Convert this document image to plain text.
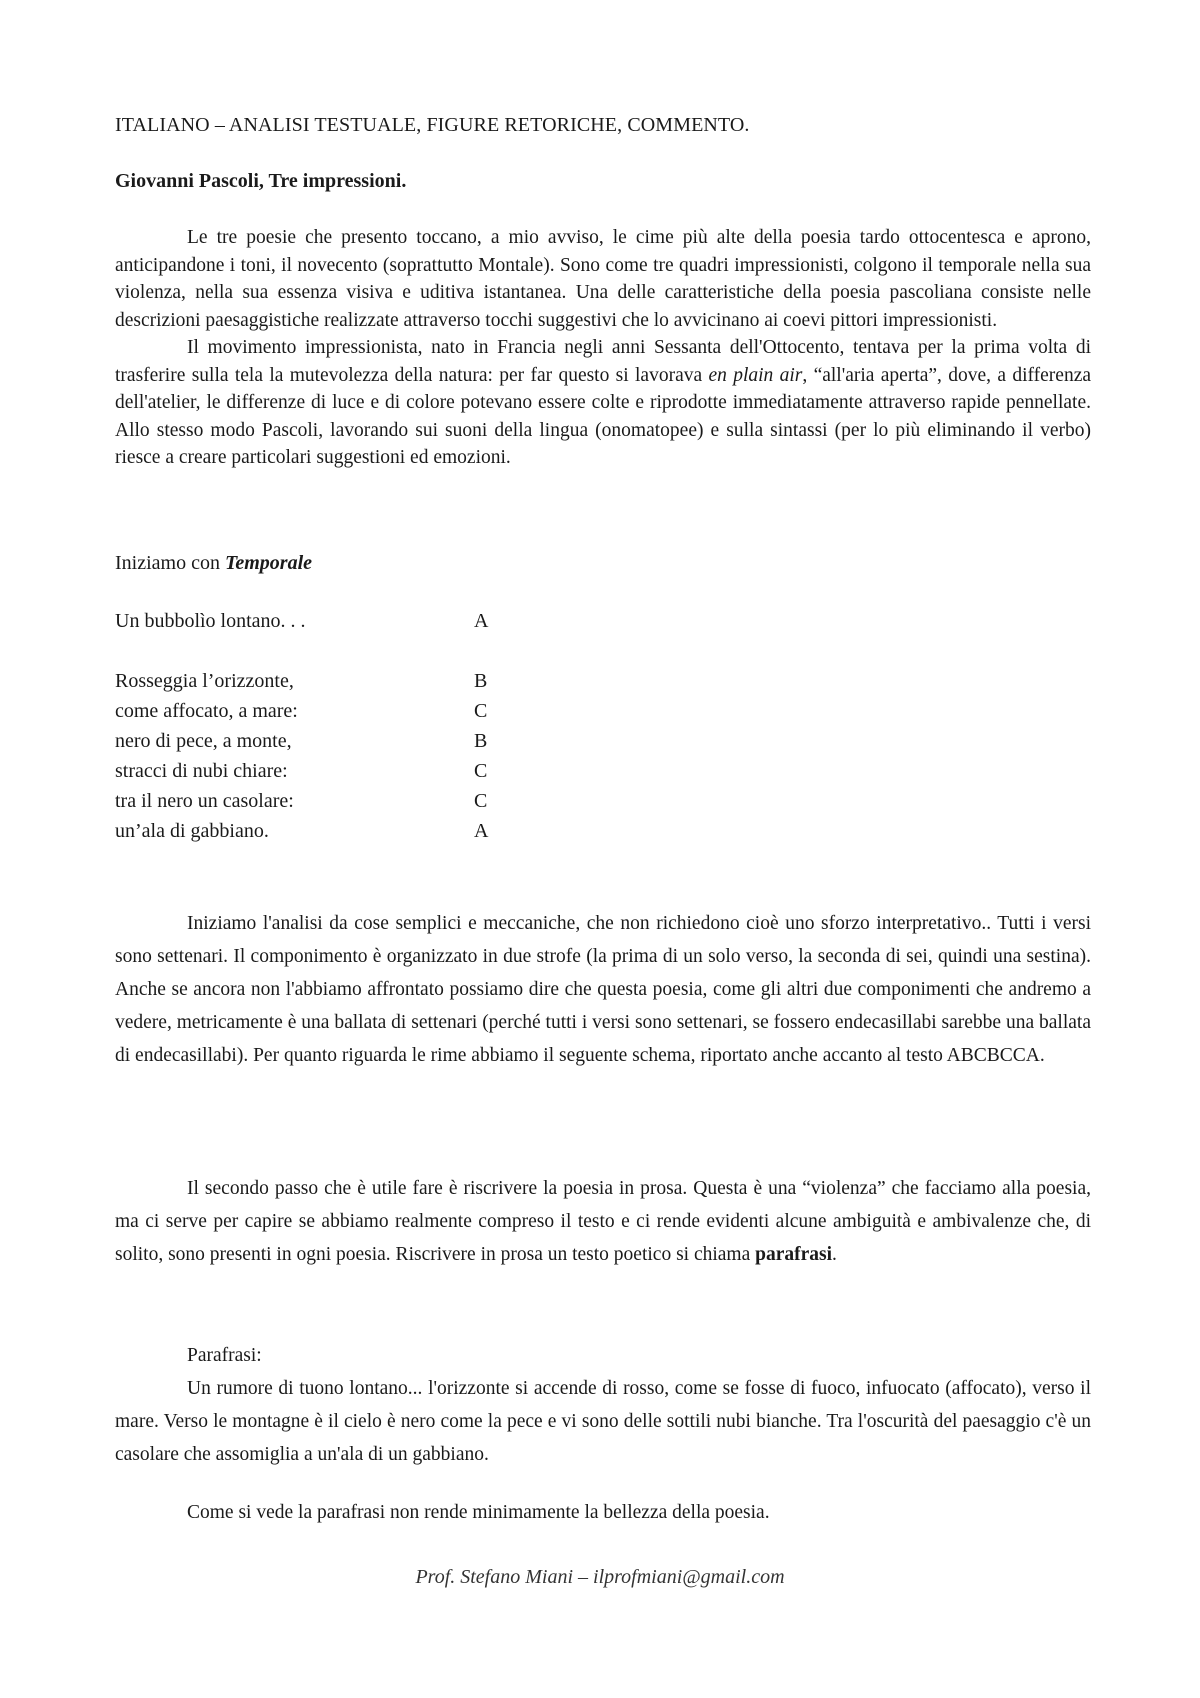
ITALIANO – ANALISI TESTUALE, FIGURE RETORICHE, COMMENTO.
Giovanni Pascoli, Tre impressioni.

Le tre poesie che presento toccano, a mio avviso, le cime più alte della poesia tardo ottocentesca e aprono, anticipandone i toni, il novecento (soprattutto Montale). Sono come tre quadri impressionisti, colgono il temporale nella sua violenza, nella sua essenza visiva e uditiva istantanea. Una delle caratteristiche della poesia pascoliana consiste nelle descrizioni paesaggistiche realizzate attraverso tocchi suggestivi che lo avvicinano ai coevi pittori impressionisti.

Il movimento impressionista, nato in Francia negli anni Sessanta dell'Ottocento, tentava per la prima volta di trasferire sulla tela la mutevolezza della natura: per far questo si lavorava en plain air, “all'aria aperta”, dove, a differenza dell'atelier, le differenze di luce e di colore potevano essere colte e riprodotte immediatamente attraverso rapide pennellate. Allo stesso modo Pascoli, lavorando sui suoni della lingua (onomatopee) e sulla sintassi (per lo più eliminando il verbo) riesce a creare particolari suggestioni ed emozioni.

Iniziamo con Temporale
Un bubbolìo lontano. . .	A
Rosseggia l’orizzonte,	B
come affocato, a mare:	C
nero di pece, a monte,	B
stracci di nubi chiare:	C
tra il nero un casolare:	C
un’ala di gabbiano.	A

Iniziamo l'analisi da cose semplici e meccaniche, che non richiedono cioè uno sforzo interpretativo.. Tutti i versi sono settenari. Il componimento è organizzato in due strofe (la prima di un solo verso, la seconda di sei, quindi una sestina). Anche se ancora non l'abbiamo affrontato possiamo dire che questa poesia, come gli altri due componimenti che andremo a vedere, metricamente è una ballata di settenari (perché tutti i versi sono settenari, se fossero endecasillabi sarebbe una ballata di endecasillabi). Per quanto riguarda le rime abbiamo il seguente schema, riportato anche accanto al testo ABCBCCA.

Il secondo passo che è utile fare è riscrivere la poesia in prosa. Questa è una “violenza” che facciamo alla poesia, ma ci serve per capire se abbiamo realmente compreso il testo e ci rende evidenti alcune ambiguità e ambivalenze che, di solito, sono presenti in ogni poesia. Riscrivere in prosa un testo poetico si chiama parafrasi.

Parafrasi:

Un rumore di tuono lontano... l'orizzonte si accende di rosso, come se fosse di fuoco, infuocato (affocato), verso il mare. Verso le montagne è il cielo è nero come la pece e vi sono delle sottili nubi bianche. Tra l'oscurità del paesaggio c'è un casolare che assomiglia a un'ala di un gabbiano.

Come si vede la parafrasi non rende minimamente la bellezza della poesia.
Prof. Stefano Miani – ilprofmiani@gmail.com
